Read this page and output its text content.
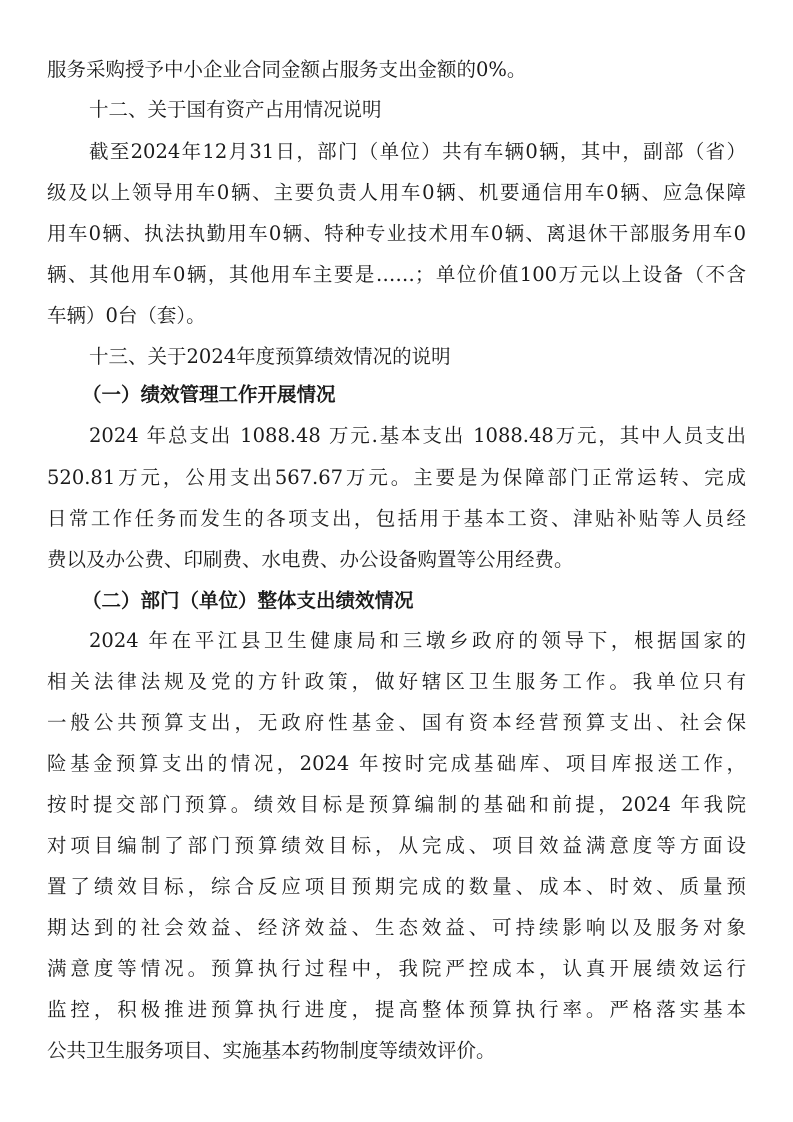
服务采购授予中小企业合同金额占服务支出金额的0%。
十二、关于国有资产占用情况说明
截至2024年12月31日，部门（单位）共有车辆0辆，其中，副部（省）
级及以上领导用车0辆、主要负责人用车0辆、机要通信用车0辆、应急保障
用车0辆、执法执勤用车0辆、特种专业技术用车0辆、离退休干部服务用车0
辆、其他用车0辆，其他用车主要是……；单位价值100万元以上设备（不含
车辆）0台（套）。
十三、关于2024年度预算绩效情况的说明
（一）绩效管理工作开展情况
2024 年总支出 1088.48 万元.基本支出 1088.48万元，其中人员支出
520.81万元，公用支出567.67万元。主要是为保障部门正常运转、完成
日常工作任务而发生的各项支出，包括用于基本工资、津贴补贴等人员经
费以及办公费、印刷费、水电费、办公设备购置等公用经费。
（二）部门（单位）整体支出绩效情况
2024 年在平江县卫生健康局和三墩乡政府的领导下，根据国家的
相关法律法规及党的方针政策，做好辖区卫生服务工作。我单位只有
一般公共预算支出，无政府性基金、国有资本经营预算支出、社会保
险基金预算支出的情况，2024 年按时完成基础库、项目库报送工作，
按时提交部门预算。绩效目标是预算编制的基础和前提，2024 年我院
对项目编制了部门预算绩效目标，从完成、项目效益满意度等方面设
置了绩效目标，综合反应项目预期完成的数量、成本、时效、质量预
期达到的社会效益、经济效益、生态效益、可持续影响以及服务对象
满意度等情况。预算执行过程中，我院严控成本，认真开展绩效运行
监控，积极推进预算执行进度，提高整体预算执行率。严格落实基本
公共卫生服务项目、实施基本药物制度等绩效评价。
